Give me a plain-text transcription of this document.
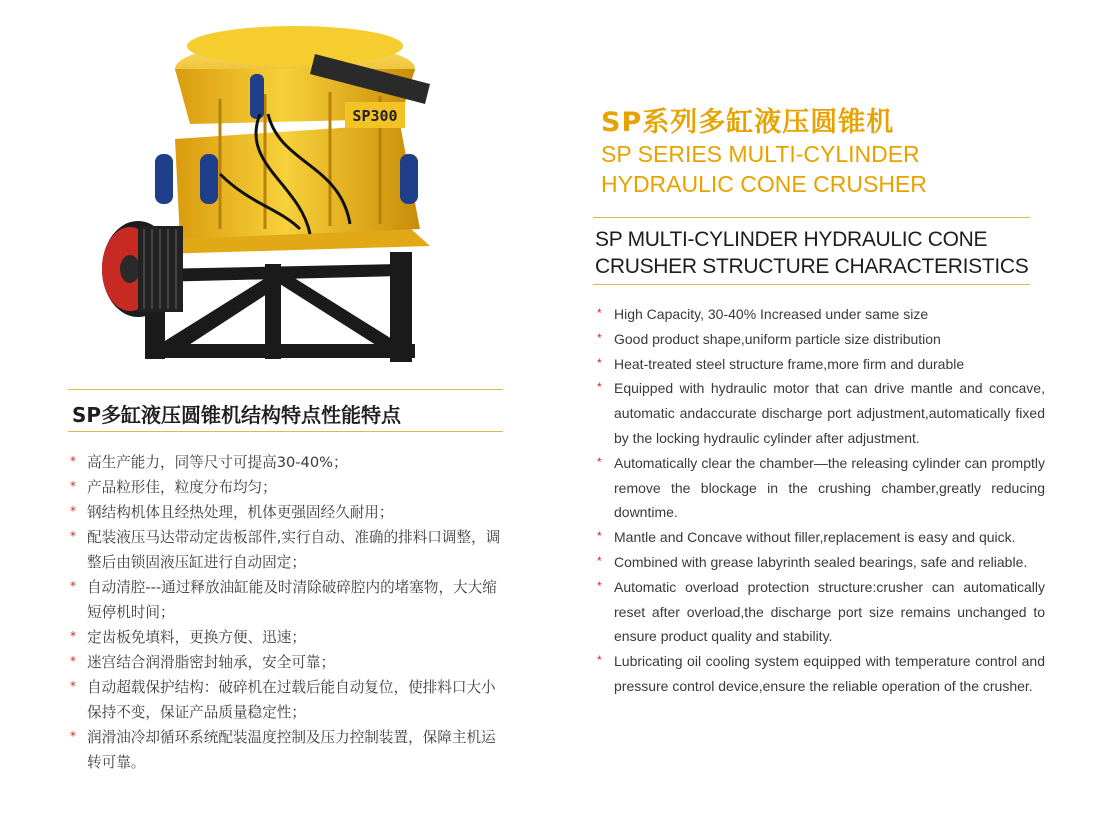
SP300	SP系列多缸液压圆锥机
SP SERIES MULTI-CYLINDER
HYDRAULIC CONE CRUSHER
SP MULTI-CYLINDER HYDRAULIC CONE
CRUSHER STRUCTURE CHARACTERISTICS
* High Capacity, 30-40% Increased under same size
* Good product shape,uniform particle size distribution
* Heat-treated steel structure frame,more firm and durable
* Equipped with hydraulic motor that can drive mantle and concave, automatic andaccurate discharge port adjustment,automatically fixed by the locking hydraulic cylinder after adjustment.
* Automatically clear the chamber—the releasing cylinder can promptly remove the blockage in the crushing chamber,greatly reducing downtime.
* Mantle and Concave without filler,replacement is easy and quick.
* Combined with grease labyrinth sealed bearings, safe and reliable.
* Automatic overload protection structure:crusher can automatically reset after overload,the discharge port size remains unchanged to ensure product quality and stability.
* Lubricating oil cooling system equipped with temperature control and pressure control device,ensure the reliable operation of the crusher.
SP多缸液压圆锥机结构特点性能特点
* 高生产能力，同等尺寸可提高30-40%；
* 产品粒形佳，粒度分布均匀；
* 钢结构机体且经热处理，机体更强固经久耐用；
* 配装液压马达带动定齿板部件,实行自动、准确的排料口调整，调整后由锁固液压缸进行自动固定；
* 自动清腔---通过释放油缸能及时清除破碎腔内的堵塞物，大大缩短停机时间；
* 定齿板免填料，更换方便、迅速；
* 迷宫结合润滑脂密封轴承，安全可靠；
* 自动超载保护结构：破碎机在过载后能自动复位，使排料口大小保持不变，保证产品质量稳定性；
* 润滑油冷却循环系统配装温度控制及压力控制装置，保障主机运转可靠。
